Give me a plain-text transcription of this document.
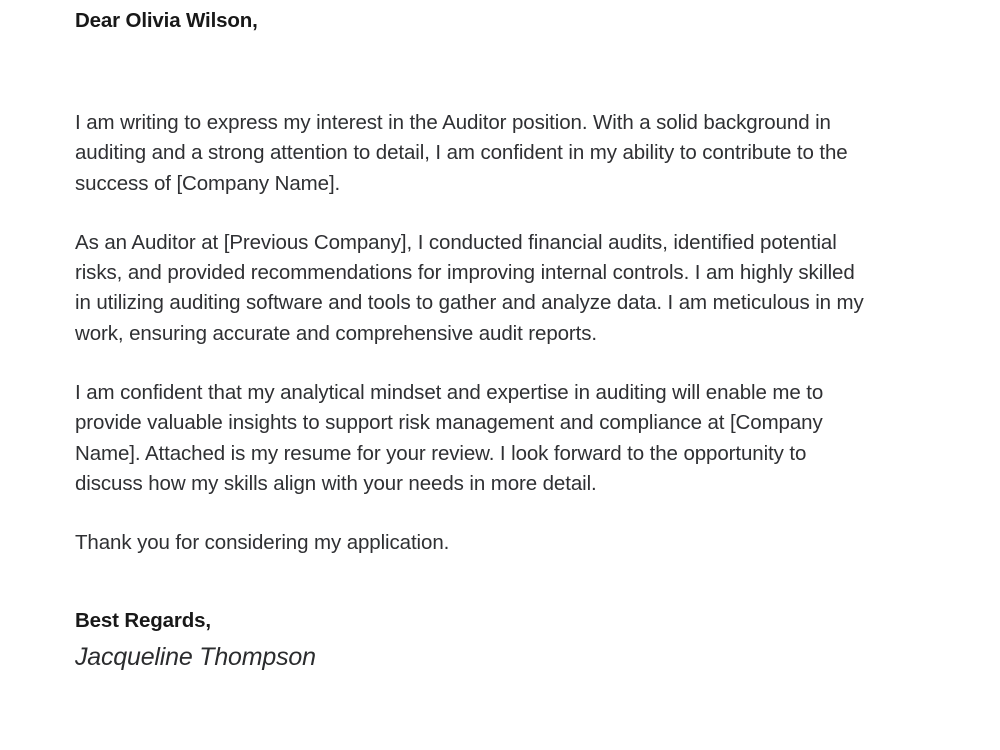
Dear Olivia Wilson,

I am writing to express my interest in the Auditor position. With a solid background in auditing and a strong attention to detail, I am confident in my ability to contribute to the success of [Company Name].

As an Auditor at [Previous Company], I conducted financial audits, identified potential risks, and provided recommendations for improving internal controls. I am highly skilled in utilizing auditing software and tools to gather and analyze data. I am meticulous in my work, ensuring accurate and comprehensive audit reports.

I am confident that my analytical mindset and expertise in auditing will enable me to provide valuable insights to support risk management and compliance at [Company Name]. Attached is my resume for your review. I look forward to the opportunity to discuss how my skills align with your needs in more detail.

Thank you for considering my application.

Best Regards,

Jacqueline Thompson
